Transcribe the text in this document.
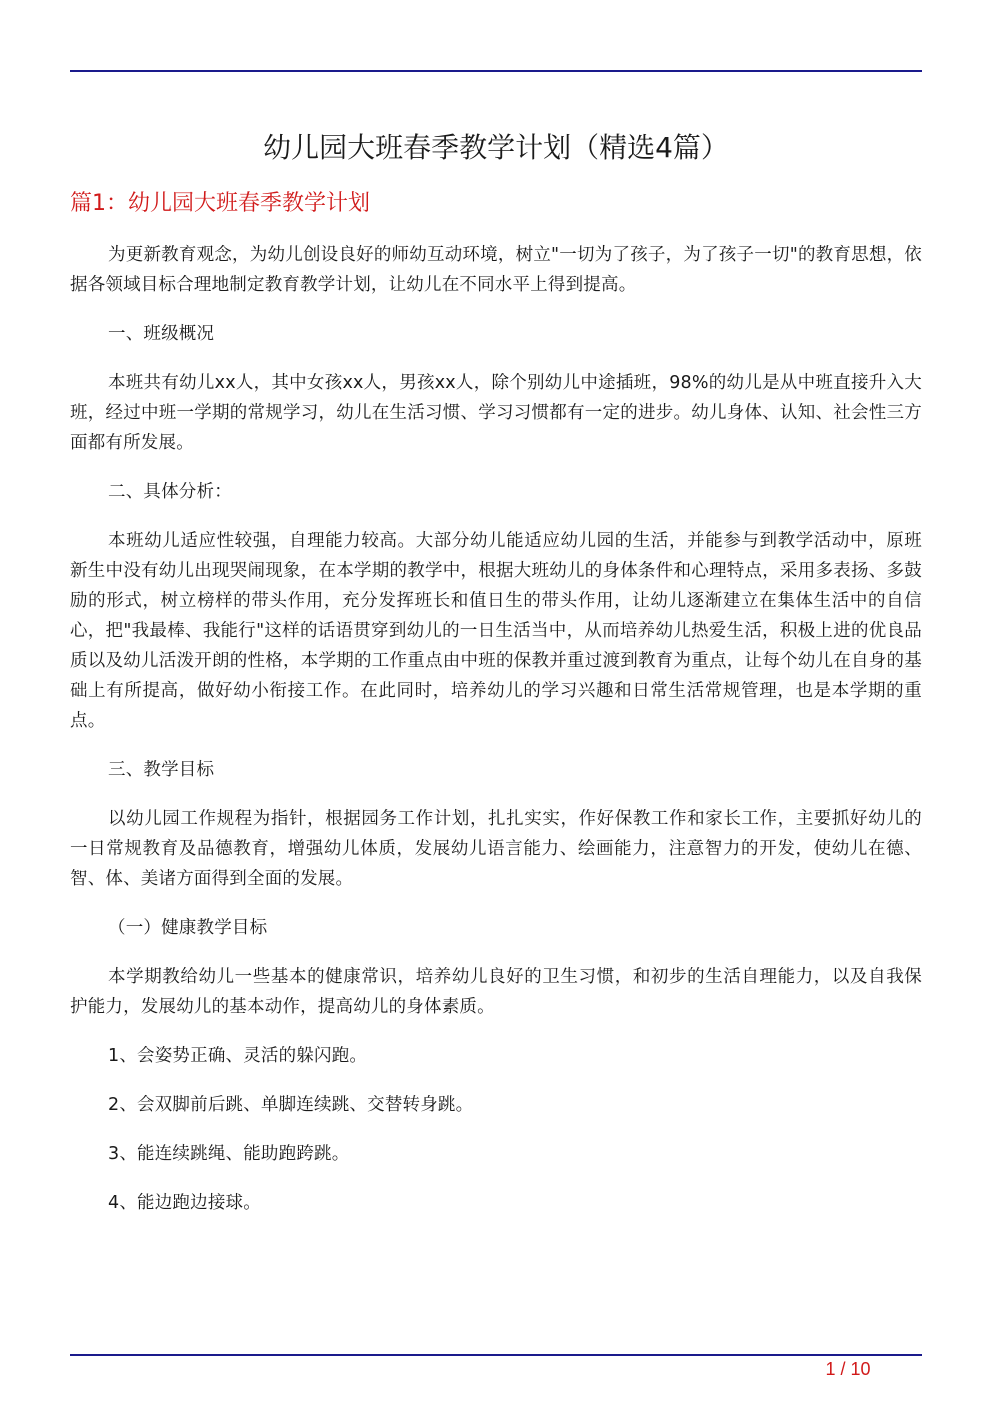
幼儿园大班春季教学计划（精选4篇）
篇1：幼儿园大班春季教学计划

为更新教育观念，为幼儿创设良好的师幼互动环境，树立"一切为了孩子，为了孩子一切"的教育思想，依据各领域目标合理地制定教育教学计划，让幼儿在不同水平上得到提高。

一、班级概况

本班共有幼儿xx人，其中女孩xx人，男孩xx人，除个别幼儿中途插班，98%的幼儿是从中班直接升入大班，经过中班一学期的常规学习，幼儿在生活习惯、学习习惯都有一定的进步。幼儿身体、认知、社会性三方面都有所发展。

二、具体分析：

本班幼儿适应性较强，自理能力较高。大部分幼儿能适应幼儿园的生活，并能参与到教学活动中，原班新生中没有幼儿出现哭闹现象，在本学期的教学中，根据大班幼儿的身体条件和心理特点，采用多表扬、多鼓励的形式，树立榜样的带头作用，充分发挥班长和值日生的带头作用，让幼儿逐渐建立在集体生活中的自信心，把"我最棒、我能行"这样的话语贯穿到幼儿的一日生活当中，从而培养幼儿热爱生活，积极上进的优良品质以及幼儿活泼开朗的性格，本学期的工作重点由中班的保教并重过渡到教育为重点，让每个幼儿在自身的基础上有所提高，做好幼小衔接工作。在此同时，培养幼儿的学习兴趣和日常生活常规管理，也是本学期的重点。

三、教学目标

以幼儿园工作规程为指针，根据园务工作计划，扎扎实实，作好保教工作和家长工作，主要抓好幼儿的一日常规教育及品德教育，增强幼儿体质，发展幼儿语言能力、绘画能力，注意智力的开发，使幼儿在德、智、体、美诸方面得到全面的发展。

（一）健康教学目标

本学期教给幼儿一些基本的健康常识，培养幼儿良好的卫生习惯，和初步的生活自理能力，以及自我保护能力，发展幼儿的基本动作，提高幼儿的身体素质。

1、会姿势正确、灵活的躲闪跑。

2、会双脚前后跳、单脚连续跳、交替转身跳。

3、能连续跳绳、能助跑跨跳。

4、能边跑边接球。

1 / 10
